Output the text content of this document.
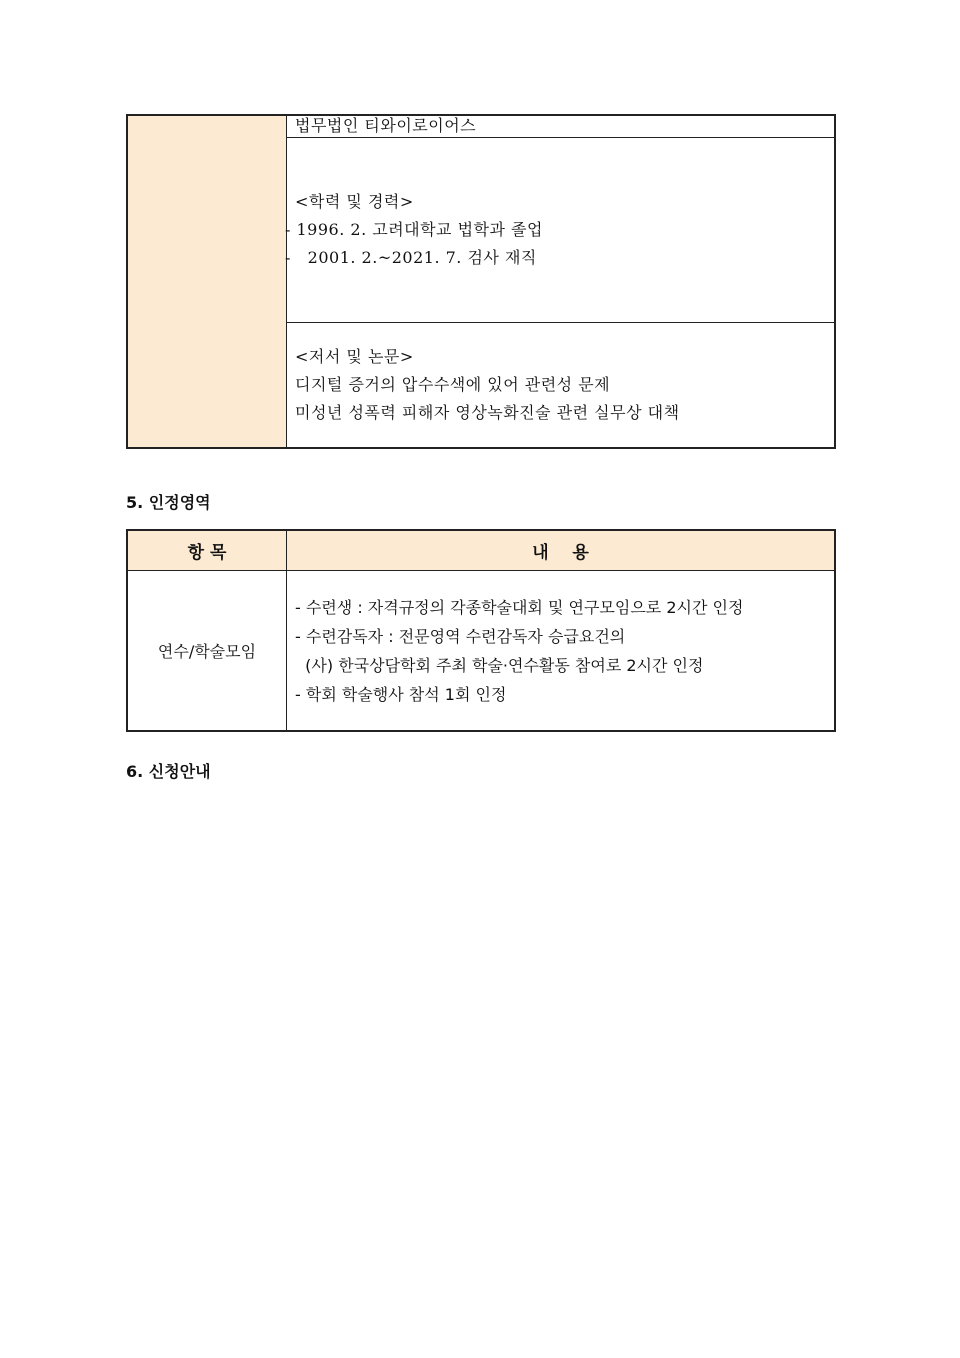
법무법인 티와이로이어스

<학력 및 경력>
- 1996. 2. 고려대학교 법학과 졸업
-   2001. 2.~2021. 7. 검사 재직

<저서 및 논문>
디지털 증거의 압수수색에 있어 관련성 문제
미성년 성폭력 피해자 영상녹화진술 관련 실무상 대책
5. 인정영역
항 목	내    용
연수/학술모임	- 수련생 : 자격규정의 각종학술대회 및 연구모임으로 2시간 인정
- 수련감독자 : 전문영역 수련감독자 승급요건의
(사) 한국상담학회 주최 학술·연수활동 참여로 2시간 인정
- 학회 학술행사 참석 1회 인정
6. 신청안내
